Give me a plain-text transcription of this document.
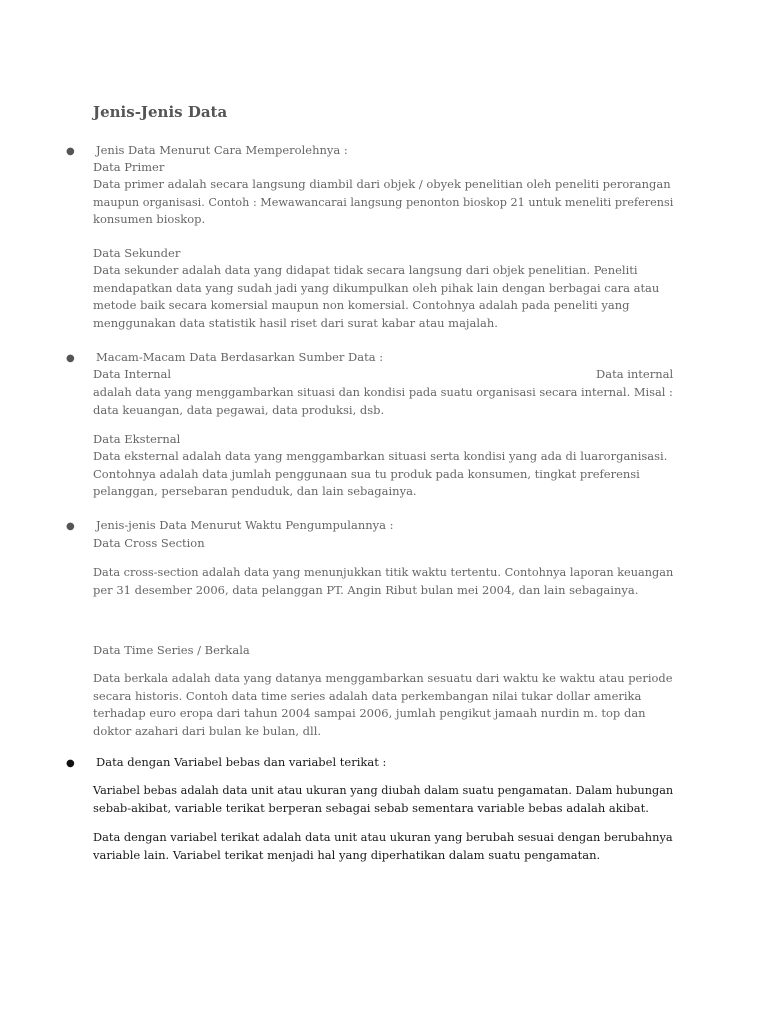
Jenis-Jenis Data
● Jenis Data Menurut Cara Memperolehnya :
Data Primer
Data primer adalah secara langsung diambil dari objek / obyek penelitian oleh peneliti perorangan
maupun organisasi. Contoh : Mewawancarai langsung penonton bioskop 21 untuk meneliti preferensi
konsumen bioskop.
Data Sekunder
Data sekunder adalah data yang didapat tidak secara langsung dari objek penelitian. Peneliti
mendapatkan data yang sudah jadi yang dikumpulkan oleh pihak lain dengan berbagai cara atau
metode baik secara komersial maupun non komersial. Contohnya adalah pada peneliti yang
menggunakan data statistik hasil riset dari surat kabar atau majalah.
● Macam-Macam Data Berdasarkan Sumber Data :
Data Internal	Data internal
adalah data yang menggambarkan situasi dan kondisi pada suatu organisasi secara internal. Misal :
data keuangan, data pegawai, data produksi, dsb.
Data Eksternal
Data eksternal adalah data yang menggambarkan situasi serta kondisi yang ada di luarorganisasi.
Contohnya adalah data jumlah penggunaan sua tu produk pada konsumen, tingkat preferensi
pelanggan, persebaran penduduk, dan lain sebagainya.
● Jenis-jenis Data Menurut Waktu Pengumpulannya :
Data Cross Section
Data cross-section adalah data yang menunjukkan titik waktu tertentu. Contohnya laporan keuangan
per 31 desember 2006, data pelanggan PT. Angin Ribut bulan mei 2004, dan lain sebagainya.
Data Time Series / Berkala
Data berkala adalah data yang datanya menggambarkan sesuatu dari waktu ke waktu atau periode
secara historis. Contoh data time series adalah data perkembangan nilai tukar dollar amerika
terhadap euro eropa dari tahun 2004 sampai 2006, jumlah pengikut jamaah nurdin m. top dan
doktor azahari dari bulan ke bulan, dll.
● Data dengan Variabel bebas dan variabel terikat :
Variabel bebas adalah data unit atau ukuran yang diubah dalam suatu pengamatan. Dalam hubungan
sebab-akibat, variable terikat berperan sebagai sebab sementara variable bebas adalah akibat.
Data dengan variabel terikat adalah data unit atau ukuran yang berubah sesuai dengan berubahnya
variable lain. Variabel terikat menjadi hal yang diperhatikan dalam suatu pengamatan.
